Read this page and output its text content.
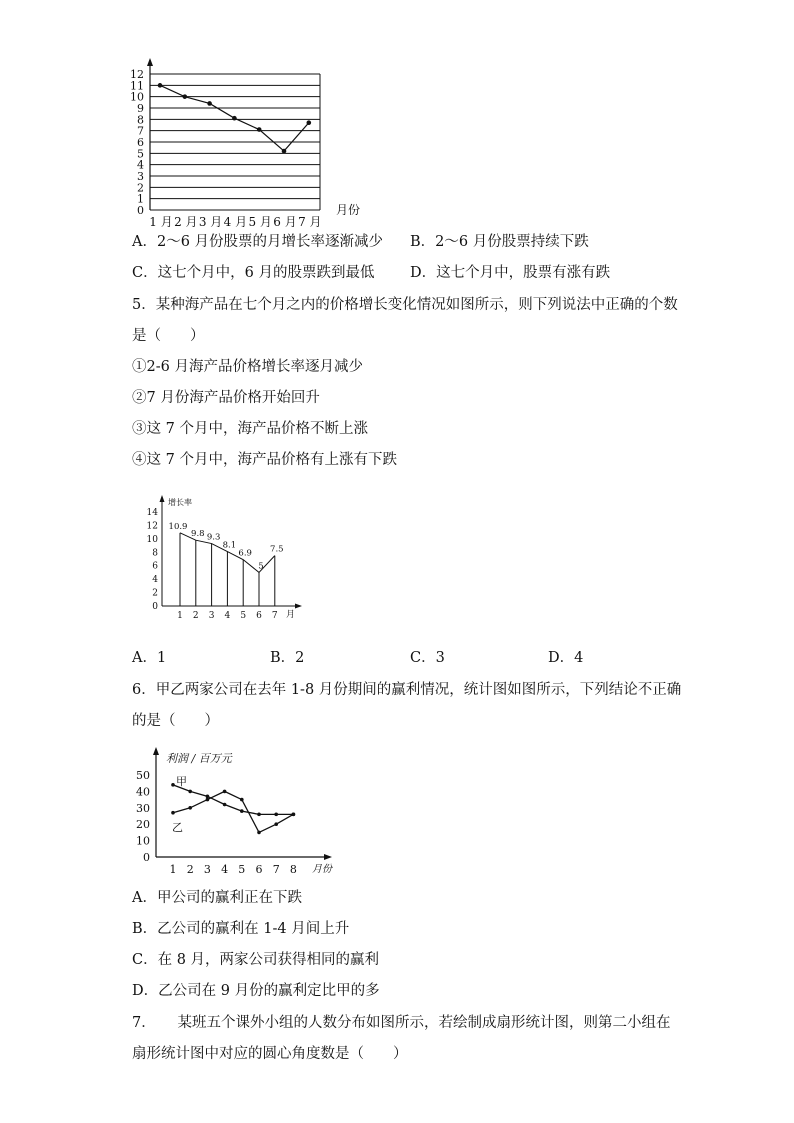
0
1
2
3
4
5
6
7
8
9
10
11
12
1 月 2 月 3 月 4 月 5 月 6 月 7 月
月份
A．2～6 月份股票的月增长率逐渐减少 B．2～6 月份股票持续下跌
C．这七个月中，6 月的股票跌到最低 D．这七个月中，股票有涨有跌
5．某种海产品在七个月之内的价格增长变化情况如图所示，则下列说法中正确的个数
是（　　）
①2-6 月海产品价格增长率逐月减少
②7 月份海产品价格开始回升
③这 7 个月中，海产品价格不断上涨
④这 7 个月中，海产品价格有上涨有下跌
增长率
月
0
2
4
6
8
10
12
14
1 2 3 4 5 6 7
10.9
9.8 9.3
8.1
6.9
5
7.5
A．1	B．2	C．3	D．4
6．甲乙两家公司在去年 1-8 月份期间的赢利情况，统计图如图所示，下列结论不正确
的是（　　）
利润 / 百万元
月份
0
10
20
30
40
50
1 2 3 4 5 6 7 8
甲
乙
A．甲公司的赢利正在下跌
B．乙公司的赢利在 1-4 月间上升
C．在 8 月，两家公司获得相同的赢利
D．乙公司在 9 月份的赢利定比甲的多
7．　　某班五个课外小组的人数分布如图所示，若绘制成扇形统计图，则第二小组在
扇形统计图中对应的圆心角度数是（　　）
